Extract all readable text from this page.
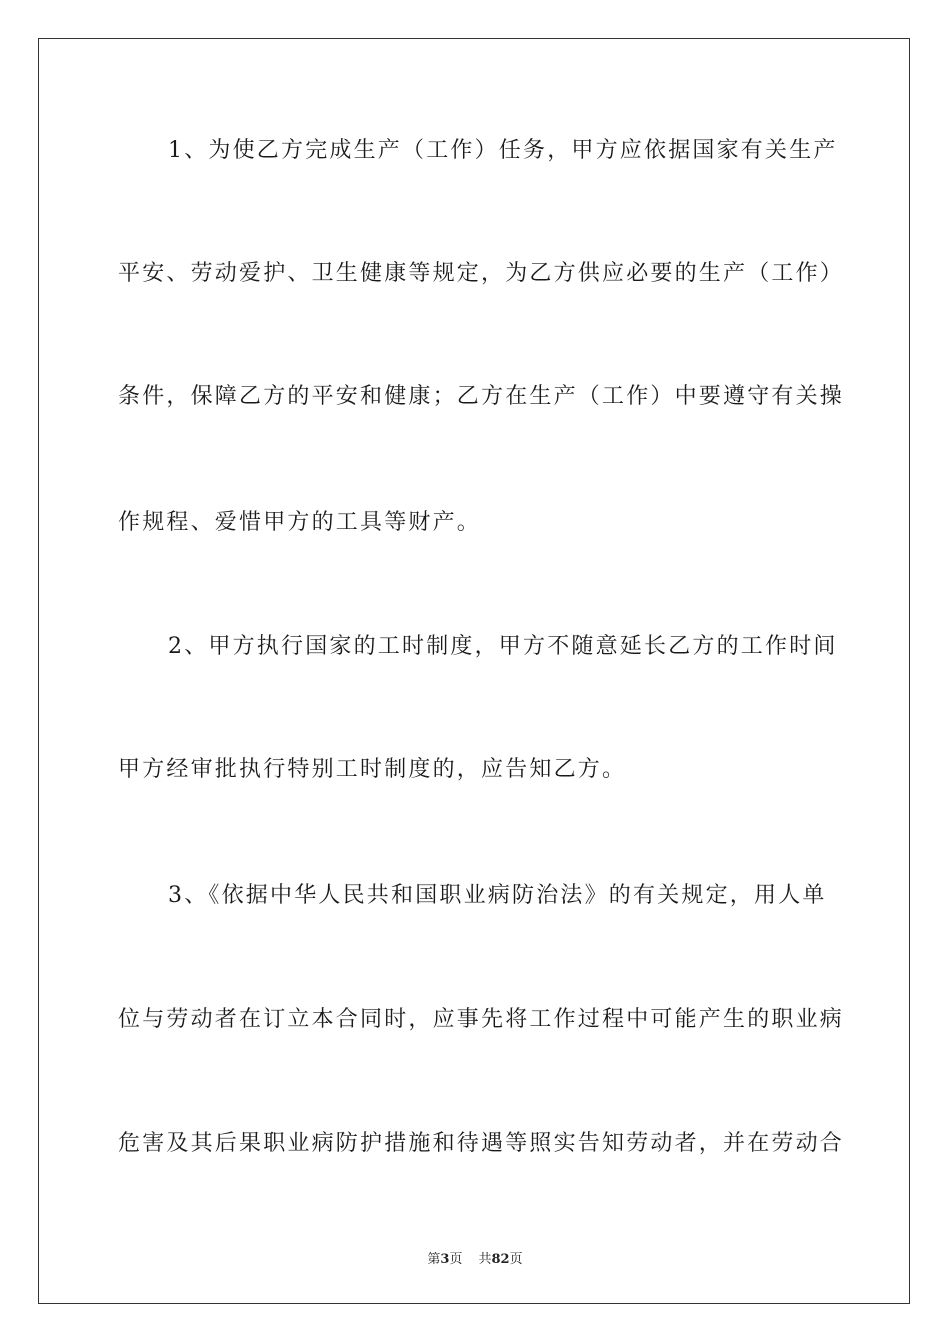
1、为使乙方完成生产（工作）任务，甲方应依据国家有关生产
平安、劳动爱护、卫生健康等规定，为乙方供应必要的生产（工作）
条件，保障乙方的平安和健康；乙方在生产（工作）中要遵守有关操
作规程、爱惜甲方的工具等财产。
2、甲方执行国家的工时制度，甲方不随意延长乙方的工作时间
甲方经审批执行特别工时制度的，应告知乙方。
3、《依据中华人民共和国职业病防治法》的有关规定，用人单
位与劳动者在订立本合同时，应事先将工作过程中可能产生的职业病
危害及其后果职业病防护措施和待遇等照实告知劳动者，并在劳动合
第3页 共82页
